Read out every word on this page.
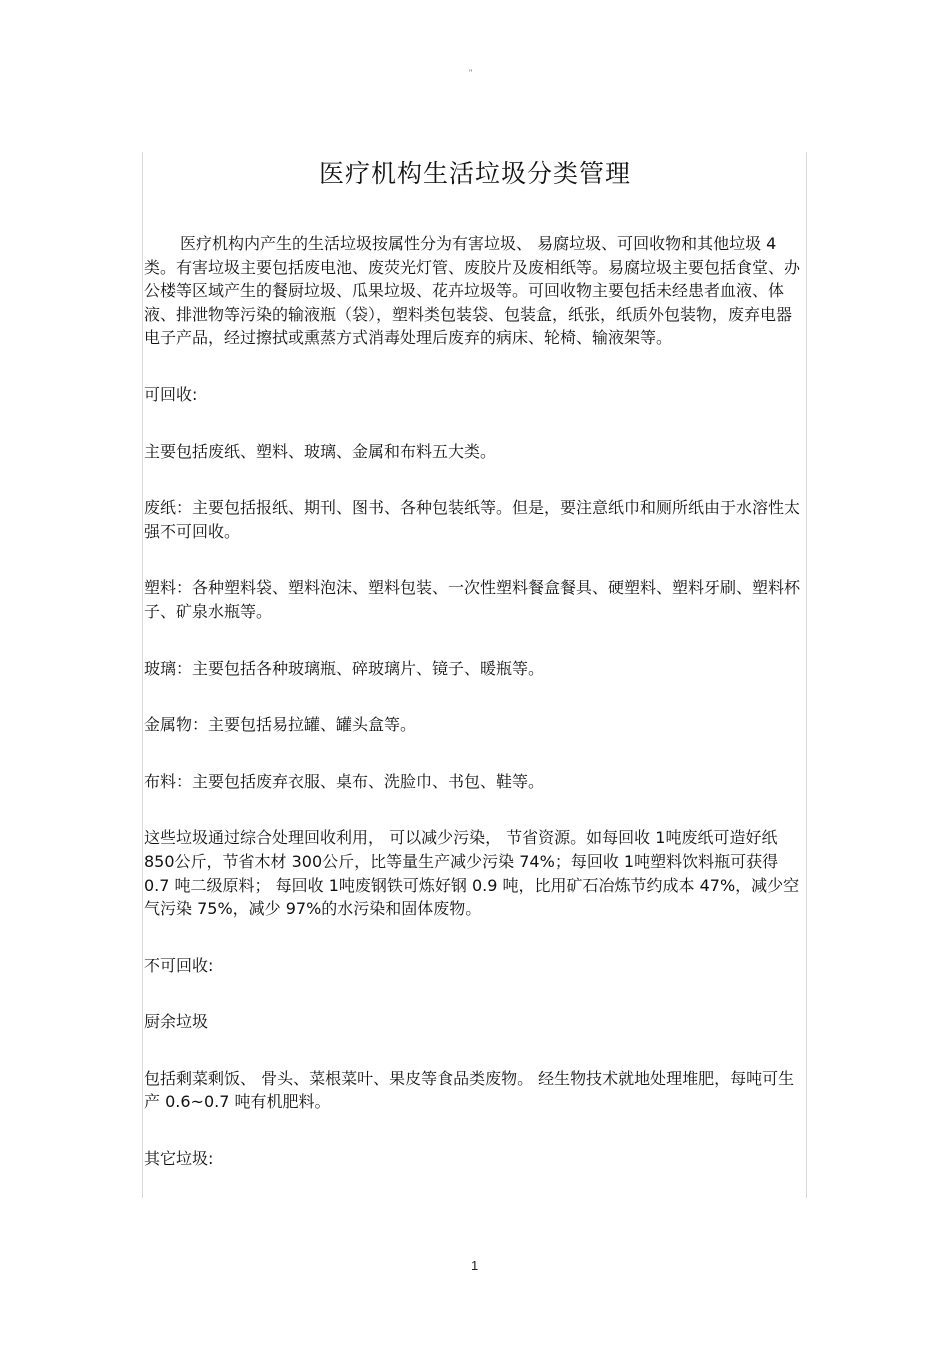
"
医疗机构生活垃圾分类管理

医疗机构内产生的生活垃圾按属性分为有害垃圾、 易腐垃圾、可回收物和其他垃圾 4类。有害垃圾主要包括废电池、废荧光灯管、废胶片及废相纸等。易腐垃圾主要包括食堂、办公楼等区域产生的餐厨垃圾、瓜果垃圾、花卉垃圾等。可回收物主要包括未经患者血液、体液、排泄物等污染的输液瓶（袋），塑料类包装袋、包装盒，纸张，纸质外包装物，废弃电器电子产品，经过擦拭或熏蒸方式消毒处理后废弃的病床、轮椅、输液架等。

可回收:

主要包括废纸、塑料、玻璃、金属和布料五大类。

废纸：主要包括报纸、期刊、图书、各种包装纸等。但是，要注意纸巾和厕所纸由于水溶性太强不可回收。

塑料：各种塑料袋、塑料泡沫、塑料包装、一次性塑料餐盒餐具、硬塑料、塑料牙刷、塑料杯子、矿泉水瓶等。

玻璃：主要包括各种玻璃瓶、碎玻璃片、镜子、暖瓶等。

金属物：主要包括易拉罐、罐头盒等。

布料：主要包括废弃衣服、桌布、洗脸巾、书包、鞋等。

这些垃圾通过综合处理回收利用， 可以减少污染， 节省资源。如每回收 1吨废纸可造好纸 850公斤，节省木材 300公斤，比等量生产减少污染 74%；每回收 1吨塑料饮料瓶可获得 0.7 吨二级原料； 每回收 1吨废钢铁可炼好钢 0.9 吨，比用矿石冶炼节约成本 47%，减少空气污染 75%，减少 97%的水污染和固体废物。

不可回收:

厨余垃圾

包括剩菜剩饭、 骨头、菜根菜叶、果皮等食品类废物。 经生物技术就地处理堆肥，每吨可生产 0.6~0.7 吨有机肥料。

其它垃圾:

1
